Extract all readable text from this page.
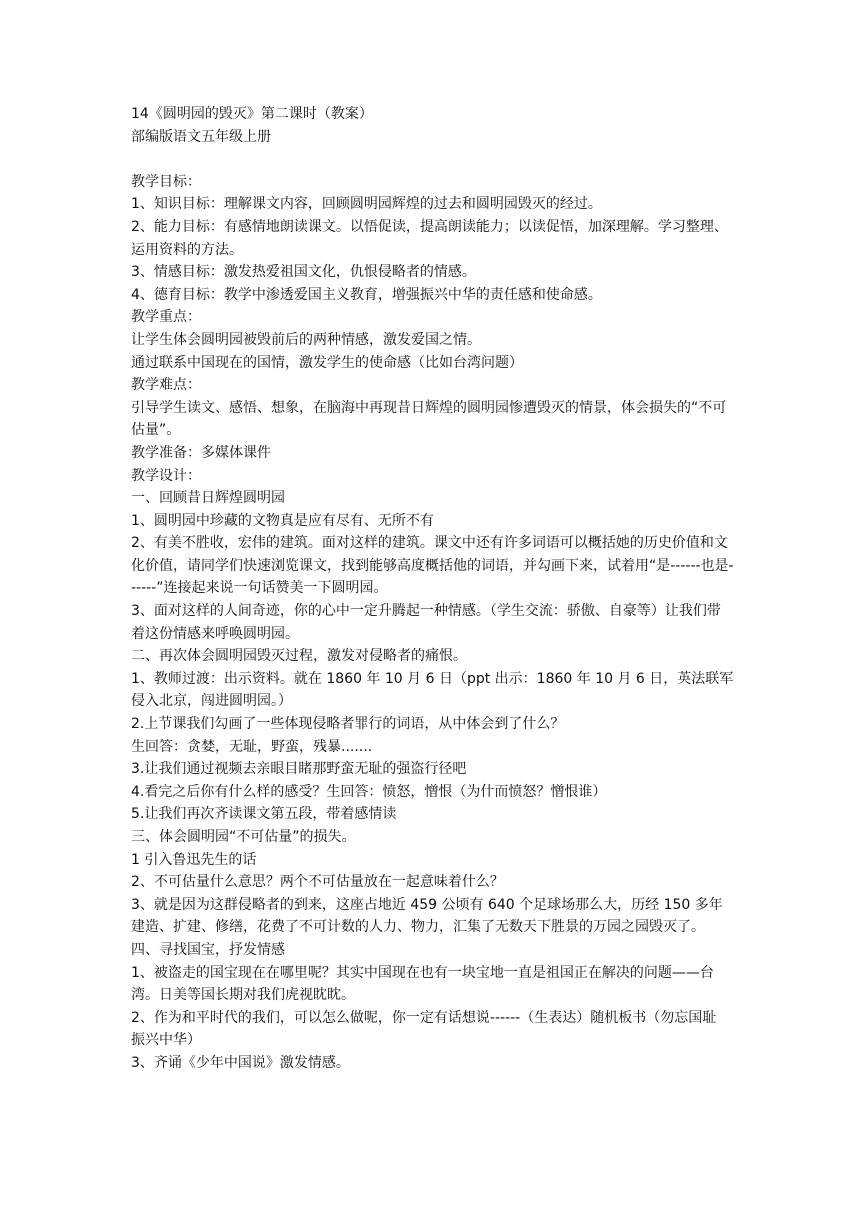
14《圆明园的毁灭》第二课时（教案）

部编版语文五年级上册

教学目标：

1、知识目标：理解课文内容，回顾圆明园辉煌的过去和圆明园毁灭的经过。

2、能力目标：有感情地朗读课文。以悟促读，提高朗读能力；以读促悟，加深理解。学习整理、运用资料的方法。

3、情感目标：激发热爱祖国文化，仇恨侵略者的情感。

4、德育目标：教学中渗透爱国主义教育，增强振兴中华的责任感和使命感。

教学重点：

让学生体会圆明园被毁前后的两种情感，激发爱国之情。

通过联系中国现在的国情，激发学生的使命感（比如台湾问题）

教学难点：

引导学生读文、感悟、想象，在脑海中再现昔日辉煌的圆明园惨遭毁灭的情景，体会损失的“不可估量”。

教学准备：多媒体课件

教学设计：

一、回顾昔日辉煌圆明园

1、圆明园中珍藏的文物真是应有尽有、无所不有

2、有美不胜收，宏伟的建筑。面对这样的建筑。课文中还有许多词语可以概括她的历史价值和文化价值，请同学们快速浏览课文，找到能够高度概括他的词语，并勾画下来，试着用“是------也是------”连接起来说一句话赞美一下圆明园。

3、面对这样的人间奇迹，你的心中一定升腾起一种情感。（学生交流：骄傲、自豪等）让我们带着这份情感来呼唤圆明园。

二、再次体会圆明园毁灭过程，激发对侵略者的痛恨。

1、教师过渡：出示资料。就在 1860 年 10 月 6 日（ppt 出示：1860 年 10 月 6 日，英法联军侵入北京，闯进圆明园。）

2.上节课我们勾画了一些体现侵略者罪行的词语，从中体会到了什么？

生回答：贪婪，无耻，野蛮，残暴.......

3.让我们通过视频去亲眼目睹那野蛮无耻的强盗行径吧

4.看完之后你有什么样的感受？生回答：愤怒，憎恨（为什而愤怒？憎恨谁）

5.让我们再次齐读课文第五段，带着感情读

三、体会圆明园“不可估量”的损失。

1 引入鲁迅先生的话

2、不可估量什么意思？两个不可估量放在一起意味着什么？

3、就是因为这群侵略者的到来，这座占地近 459 公顷有 640 个足球场那么大，历经 150 多年建造、扩建、修缮，花费了不可计数的人力、物力，汇集了无数天下胜景的万园之园毁灭了。

四、寻找国宝，抒发情感

1、被盗走的国宝现在在哪里呢？其实中国现在也有一块宝地一直是祖国正在解决的问题——台湾。日美等国长期对我们虎视眈眈。

2、作为和平时代的我们，可以怎么做呢，你一定有话想说------（生表达）随机板书（勿忘国耻 振兴中华）

3、齐诵《少年中国说》激发情感。
